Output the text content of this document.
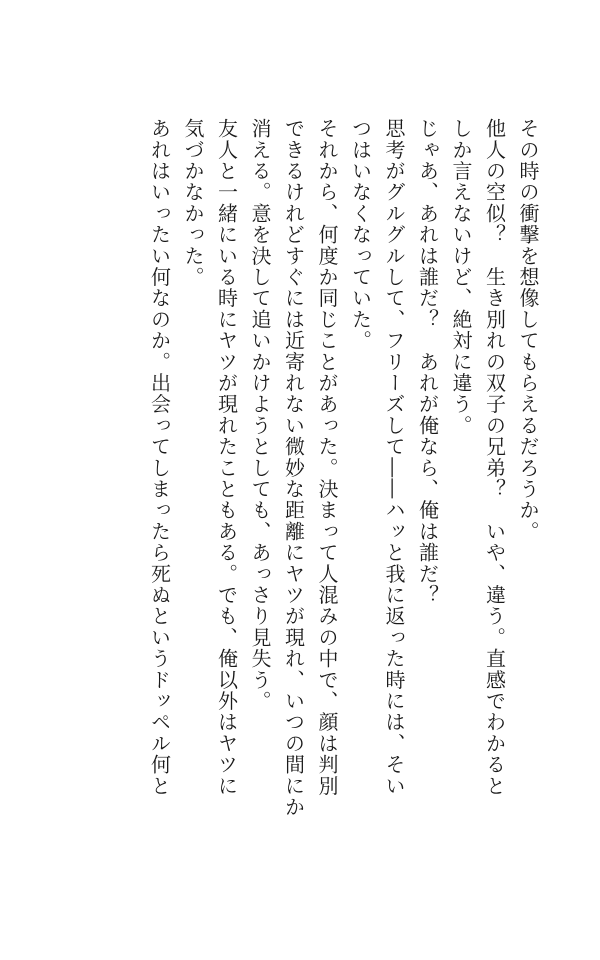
その時の衝撃を想像してもらえるだろうか。
他人の空似？　生き別れの双子の兄弟？　いや、違う。直感でわかると
しか言えないけど、絶対に違う。
じゃあ、あれは誰だ？　あれが俺なら、俺は誰だ？
思考がグルグルして、フリーズして――ハッと我に返った時には、そい
つはいなくなっていた。
それから、何度か同じことがあった。決まって人混みの中で、顔は判別
できるけれどすぐには近寄れない微妙な距離にヤツが現れ、いつの間にか
消える。意を決して追いかけようとしても、あっさり見失う。
友人と一緒にいる時にヤツが現れたこともある。でも、俺以外はヤツに
気づかなかった。
あれはいったい何なのか。出会ってしまったら死ぬというドッペル何と
